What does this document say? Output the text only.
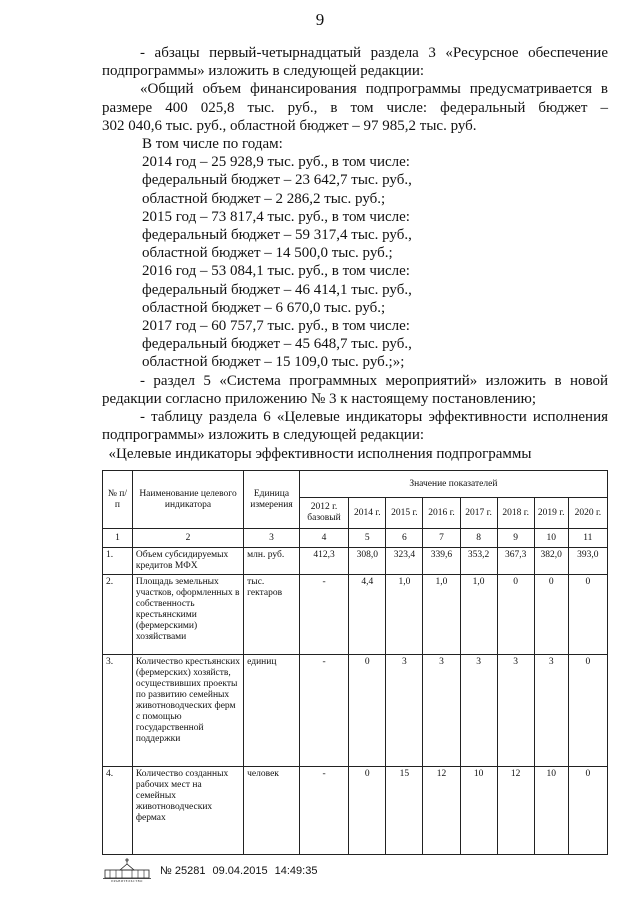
9

- абзацы первый-четырнадцатый раздела 3 «Ресурсное обеспечение

подпрограммы» изложить в следующей редакции:

«Общий объем финансирования подпрограммы предусматривается в

размере 400 025,8 тыс. руб., в том числе: федеральный бюджет –

302 040,6 тыс. руб., областной бюджет – 97 985,2 тыс. руб.

В том числе по годам:

2014 год – 25 928,9 тыс. руб., в том числе:

федеральный бюджет – 23 642,7 тыс. руб.,

областной бюджет – 2 286,2 тыс. руб.;

2015 год – 73 817,4 тыс. руб., в том числе:

федеральный бюджет – 59 317,4 тыс. руб.,

областной бюджет – 14 500,0 тыс. руб.;

2016 год – 53 084,1 тыс. руб., в том числе:

федеральный бюджет – 46 414,1 тыс. руб.,

областной бюджет – 6 670,0 тыс. руб.;

2017 год – 60 757,7 тыс. руб., в том числе:

федеральный бюджет – 45 648,7 тыс. руб.,

областной бюджет – 15 109,0 тыс. руб.;»;

- раздел 5 «Система программных мероприятий» изложить в новой

редакции согласно приложению № 3 к настоящему постановлению;

- таблицу раздела 6 «Целевые индикаторы эффективности исполнения

подпрограммы» изложить в следующей редакции:

«Целевые индикаторы эффективности исполнения подпрограммы
№ п/п	Наименование целевого индикатора	Единица измерения	Значение показателей							
			2012 г. базовый	2014 г.	2015 г.	2016 г.	2017 г.	2018 г.	2019 г.	2020 г.
1	2	3	4	5	6	7	8	9	10	11
1.	Объем субсидируемых кредитов МФХ	млн. руб.	412,3	308,0	323,4	339,6	353,2	367,3	382,0	393,0
2.	Площадь земельных участков, оформленных в собственность крестьянскими (фермерскими) хозяйствами	тыс. гектаров	-	4,4	1,0	1,0	1,0	0	0	0
3.	Количество крестьянских (фермерских) хозяйств, осуществивших проекты по развитию семейных животноводческих ферм с помощью государственной поддержки	единиц	-	0	3	3	3	3	3	0
4.	Количество созданных рабочих мест на семейных животноводческих фермах	человек	-	0	15	12	10	12	10	0
ПРАВИТЕЛЬСТВО
№ 25281 09.04.2015 14:49:35
